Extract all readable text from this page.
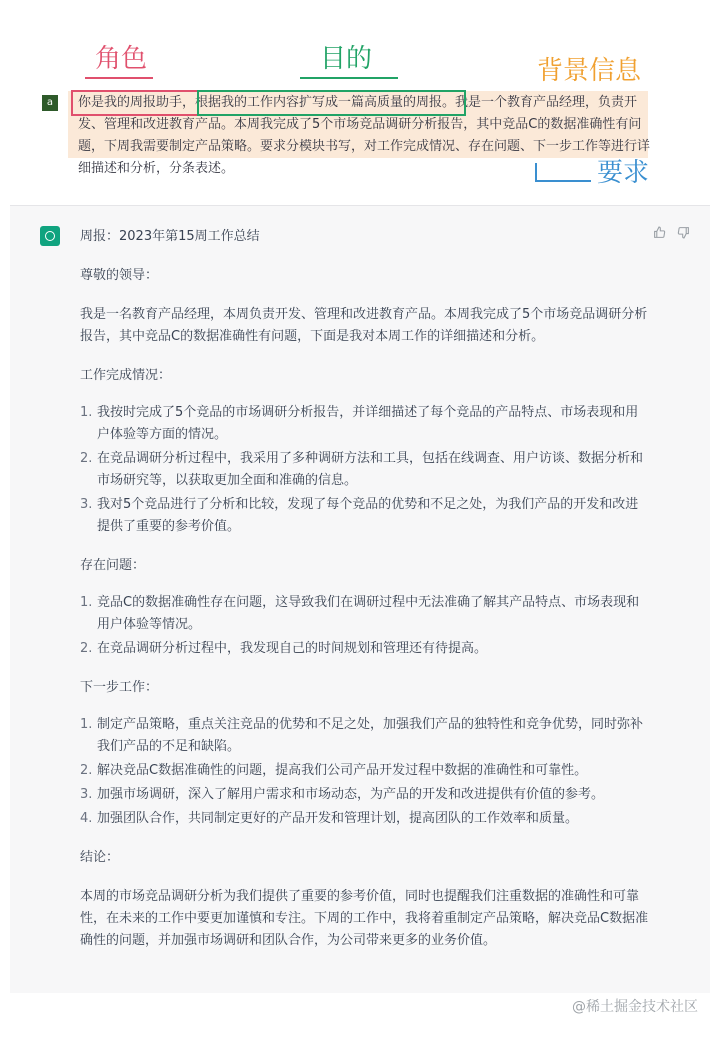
角色	目的	背景信息
a	你是我的周报助手，根据我的工作内容扩写成一篇高质量的周报。我是一个教育产品经理，负责开发、管理和改进教育产品。本周我完成了5个市场竞品调研分析报告，其中竞品C的数据准确性有问题，下周我需要制定产品策略。要求分模块书写，对工作完成情况、存在问题、下一步工作等进行详细描述和分析，分条表述。	要求

周报：2023年第15周工作总结

尊敬的领导：

我是一名教育产品经理，本周负责开发、管理和改进教育产品。本周我完成了5个市场竞品调研分析报告，其中竞品C的数据准确性有问题，下面是我对本周工作的详细描述和分析。

工作完成情况：

1. 我按时完成了5个竞品的市场调研分析报告，并详细描述了每个竞品的产品特点、市场表现和用户体验等方面的情况。
2. 在竞品调研分析过程中，我采用了多种调研方法和工具，包括在线调查、用户访谈、数据分析和市场研究等，以获取更加全面和准确的信息。
3. 我对5个竞品进行了分析和比较，发现了每个竞品的优势和不足之处，为我们产品的开发和改进提供了重要的参考价值。

存在问题：

1. 竞品C的数据准确性存在问题，这导致我们在调研过程中无法准确了解其产品特点、市场表现和用户体验等情况。
2. 在竞品调研分析过程中，我发现自己的时间规划和管理还有待提高。

下一步工作：

1. 制定产品策略，重点关注竞品的优势和不足之处，加强我们产品的独特性和竞争优势，同时弥补我们产品的不足和缺陷。
2. 解决竞品C数据准确性的问题，提高我们公司产品开发过程中数据的准确性和可靠性。
3. 加强市场调研，深入了解用户需求和市场动态，为产品的开发和改进提供有价值的参考。
4. 加强团队合作，共同制定更好的产品开发和管理计划，提高团队的工作效率和质量。

结论：

本周的市场竞品调研分析为我们提供了重要的参考价值，同时也提醒我们注重数据的准确性和可靠性，在未来的工作中要更加谨慎和专注。下周的工作中，我将着重制定产品策略，解决竞品C数据准确性的问题，并加强市场调研和团队合作，为公司带来更多的业务价值。

@稀土掘金技术社区
